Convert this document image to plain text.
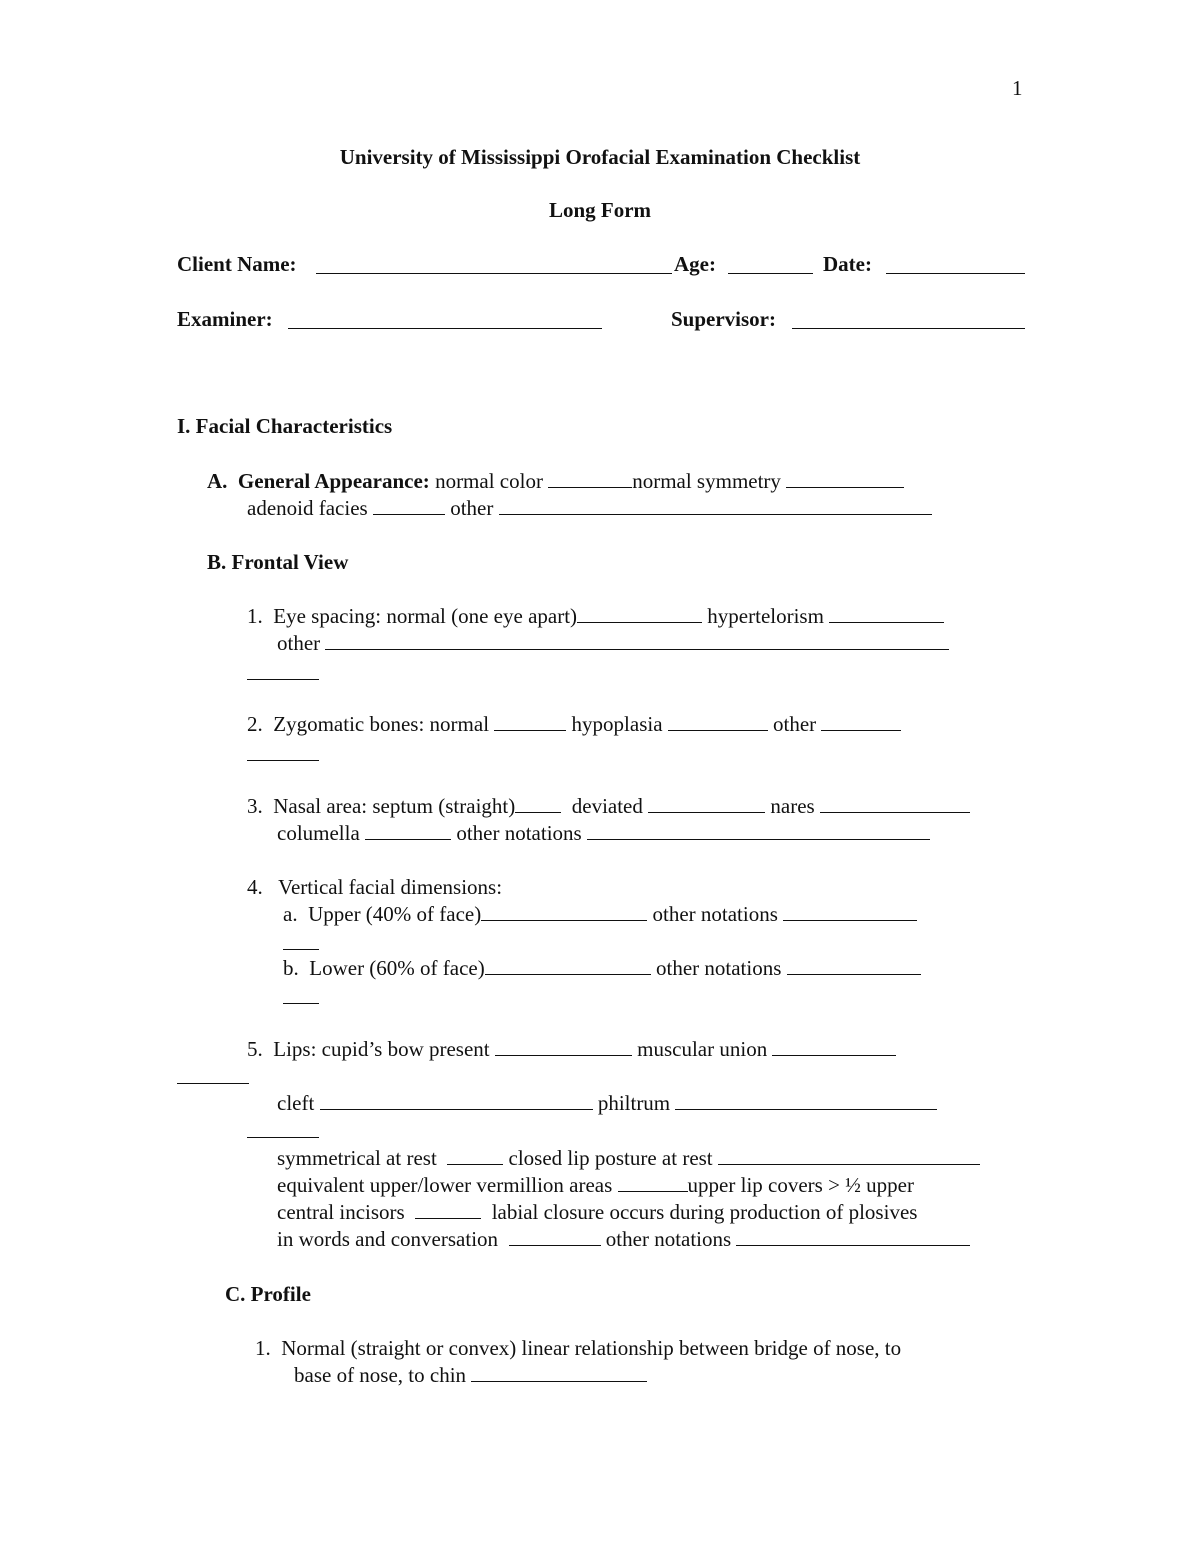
1
University of Mississippi Orofacial Examination Checklist
Long Form
Client Name:	Age:	Date:
Examiner:	Supervisor:
I. Facial Characteristics
A. General Appearance: normal color	normal symmetry
adenoid facies	other
B. Frontal View
1. Eye spacing: normal (one eye apart)	hypertelorism
other
2. Zygomatic bones: normal	hypoplasia	other
3. Nasal area: septum (straight)	deviated	nares
columella	other notations
4. Vertical facial dimensions:
a. Upper (40% of face)	other notations
b. Lower (60% of face)	other notations
5. Lips: cupid’s bow present	muscular union
cleft	philtrum
symmetrical at rest	closed lip posture at rest
equivalent upper/lower vermillion areas	upper lip covers > ½ upper
central incisors	labial closure occurs during production of plosives
in words and conversation	other notations
C. Profile
1. Normal (straight or convex) linear relationship between bridge of nose, to
base of nose, to chin
